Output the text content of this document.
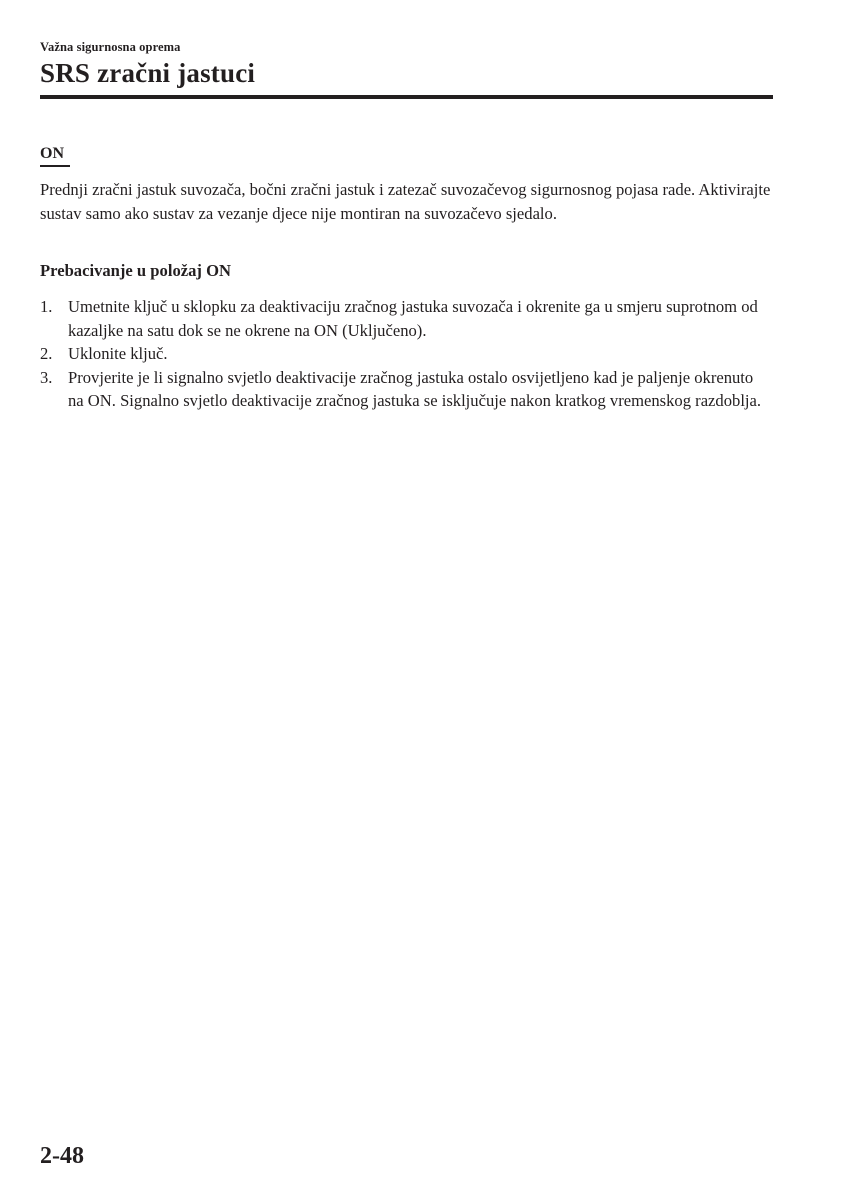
Važna sigurnosna oprema
SRS zračni jastuci
ON

Prednji zračni jastuk suvozača, bočni zračni jastuk i zatezač suvozačevog sigurnosnog pojasa rade. Aktivirajte sustav samo ako sustav za vezanje djece nije montiran na suvozačevo sjedalo.

Prebacivanje u položaj ON
1. Umetnite ključ u sklopku za deaktivaciju zračnog jastuka suvozača i okrenite ga u smjeru suprotnom od kazaljke na satu dok se ne okrene na ON (Uključeno).
2. Uklonite ključ.
3. Provjerite je li signalno svjetlo deaktivacije zračnog jastuka ostalo osvijetljeno kad je paljenje okrenuto na ON. Signalno svjetlo deaktivacije zračnog jastuka se isključuje nakon kratkog vremenskog razdoblja.
2-48
